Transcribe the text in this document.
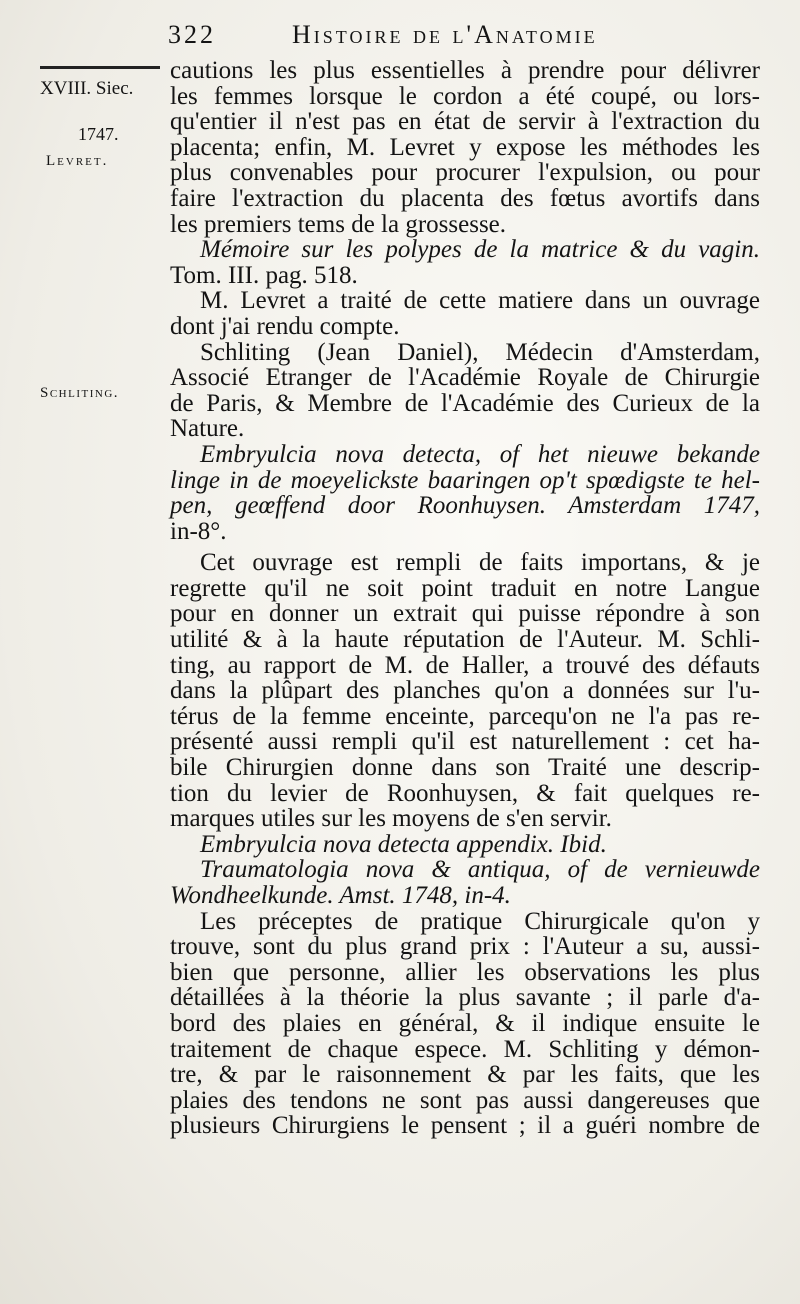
322	Histoire de l'Anatomie
XVIII. Siec.
1747.
Levret.
Schliting.
cautions les plus essentielles à prendre pour délivrer
les femmes lorsque le cordon a été coupé, ou lors-
qu'entier il n'est pas en état de servir à l'extraction du
placenta; enfin, M. Levret y expose les méthodes les
plus convenables pour procurer l'expulsion, ou pour
faire l'extraction du placenta des fœtus avortifs dans
les premiers tems de la grossesse.
Mémoire sur les polypes de la matrice & du vagin.
Tom. III. pag. 518.
M. Levret a traité de cette matiere dans un ouvrage
dont j'ai rendu compte.
Schliting (Jean Daniel), Médecin d'Amsterdam,
Associé Etranger de l'Académie Royale de Chirurgie
de Paris, & Membre de l'Académie des Curieux de la
Nature.
Embryulcia nova detecta, of het nieuwe bekande
linge in de moeyelickste baaringen op't spœdigste te hel-
pen, geœffend door Roonhuysen. Amsterdam 1747,
in-8°.
Cet ouvrage est rempli de faits importans, & je
regrette qu'il ne soit point traduit en notre Langue
pour en donner un extrait qui puisse répondre à son
utilité & à la haute réputation de l'Auteur. M. Schli-
ting, au rapport de M. de Haller, a trouvé des défauts
dans la plûpart des planches qu'on a données sur l'u-
térus de la femme enceinte, parcequ'on ne l'a pas re-
présenté aussi rempli qu'il est naturellement : cet ha-
bile Chirurgien donne dans son Traité une descrip-
tion du levier de Roonhuysen, & fait quelques re-
marques utiles sur les moyens de s'en servir.
Embryulcia nova detecta appendix. Ibid.
Traumatologia nova & antiqua, of de vernieuwde
Wondheelkunde. Amst. 1748, in-4.
Les préceptes de pratique Chirurgicale qu'on y
trouve, sont du plus grand prix : l'Auteur a su, aussi-
bien que personne, allier les observations les plus
détaillées à la théorie la plus savante ; il parle d'a-
bord des plaies en général, & il indique ensuite le
traitement de chaque espece. M. Schliting y démon-
tre, & par le raisonnement & par les faits, que les
plaies des tendons ne sont pas aussi dangereuses que
plusieurs Chirurgiens le pensent ; il a guéri nombre de
